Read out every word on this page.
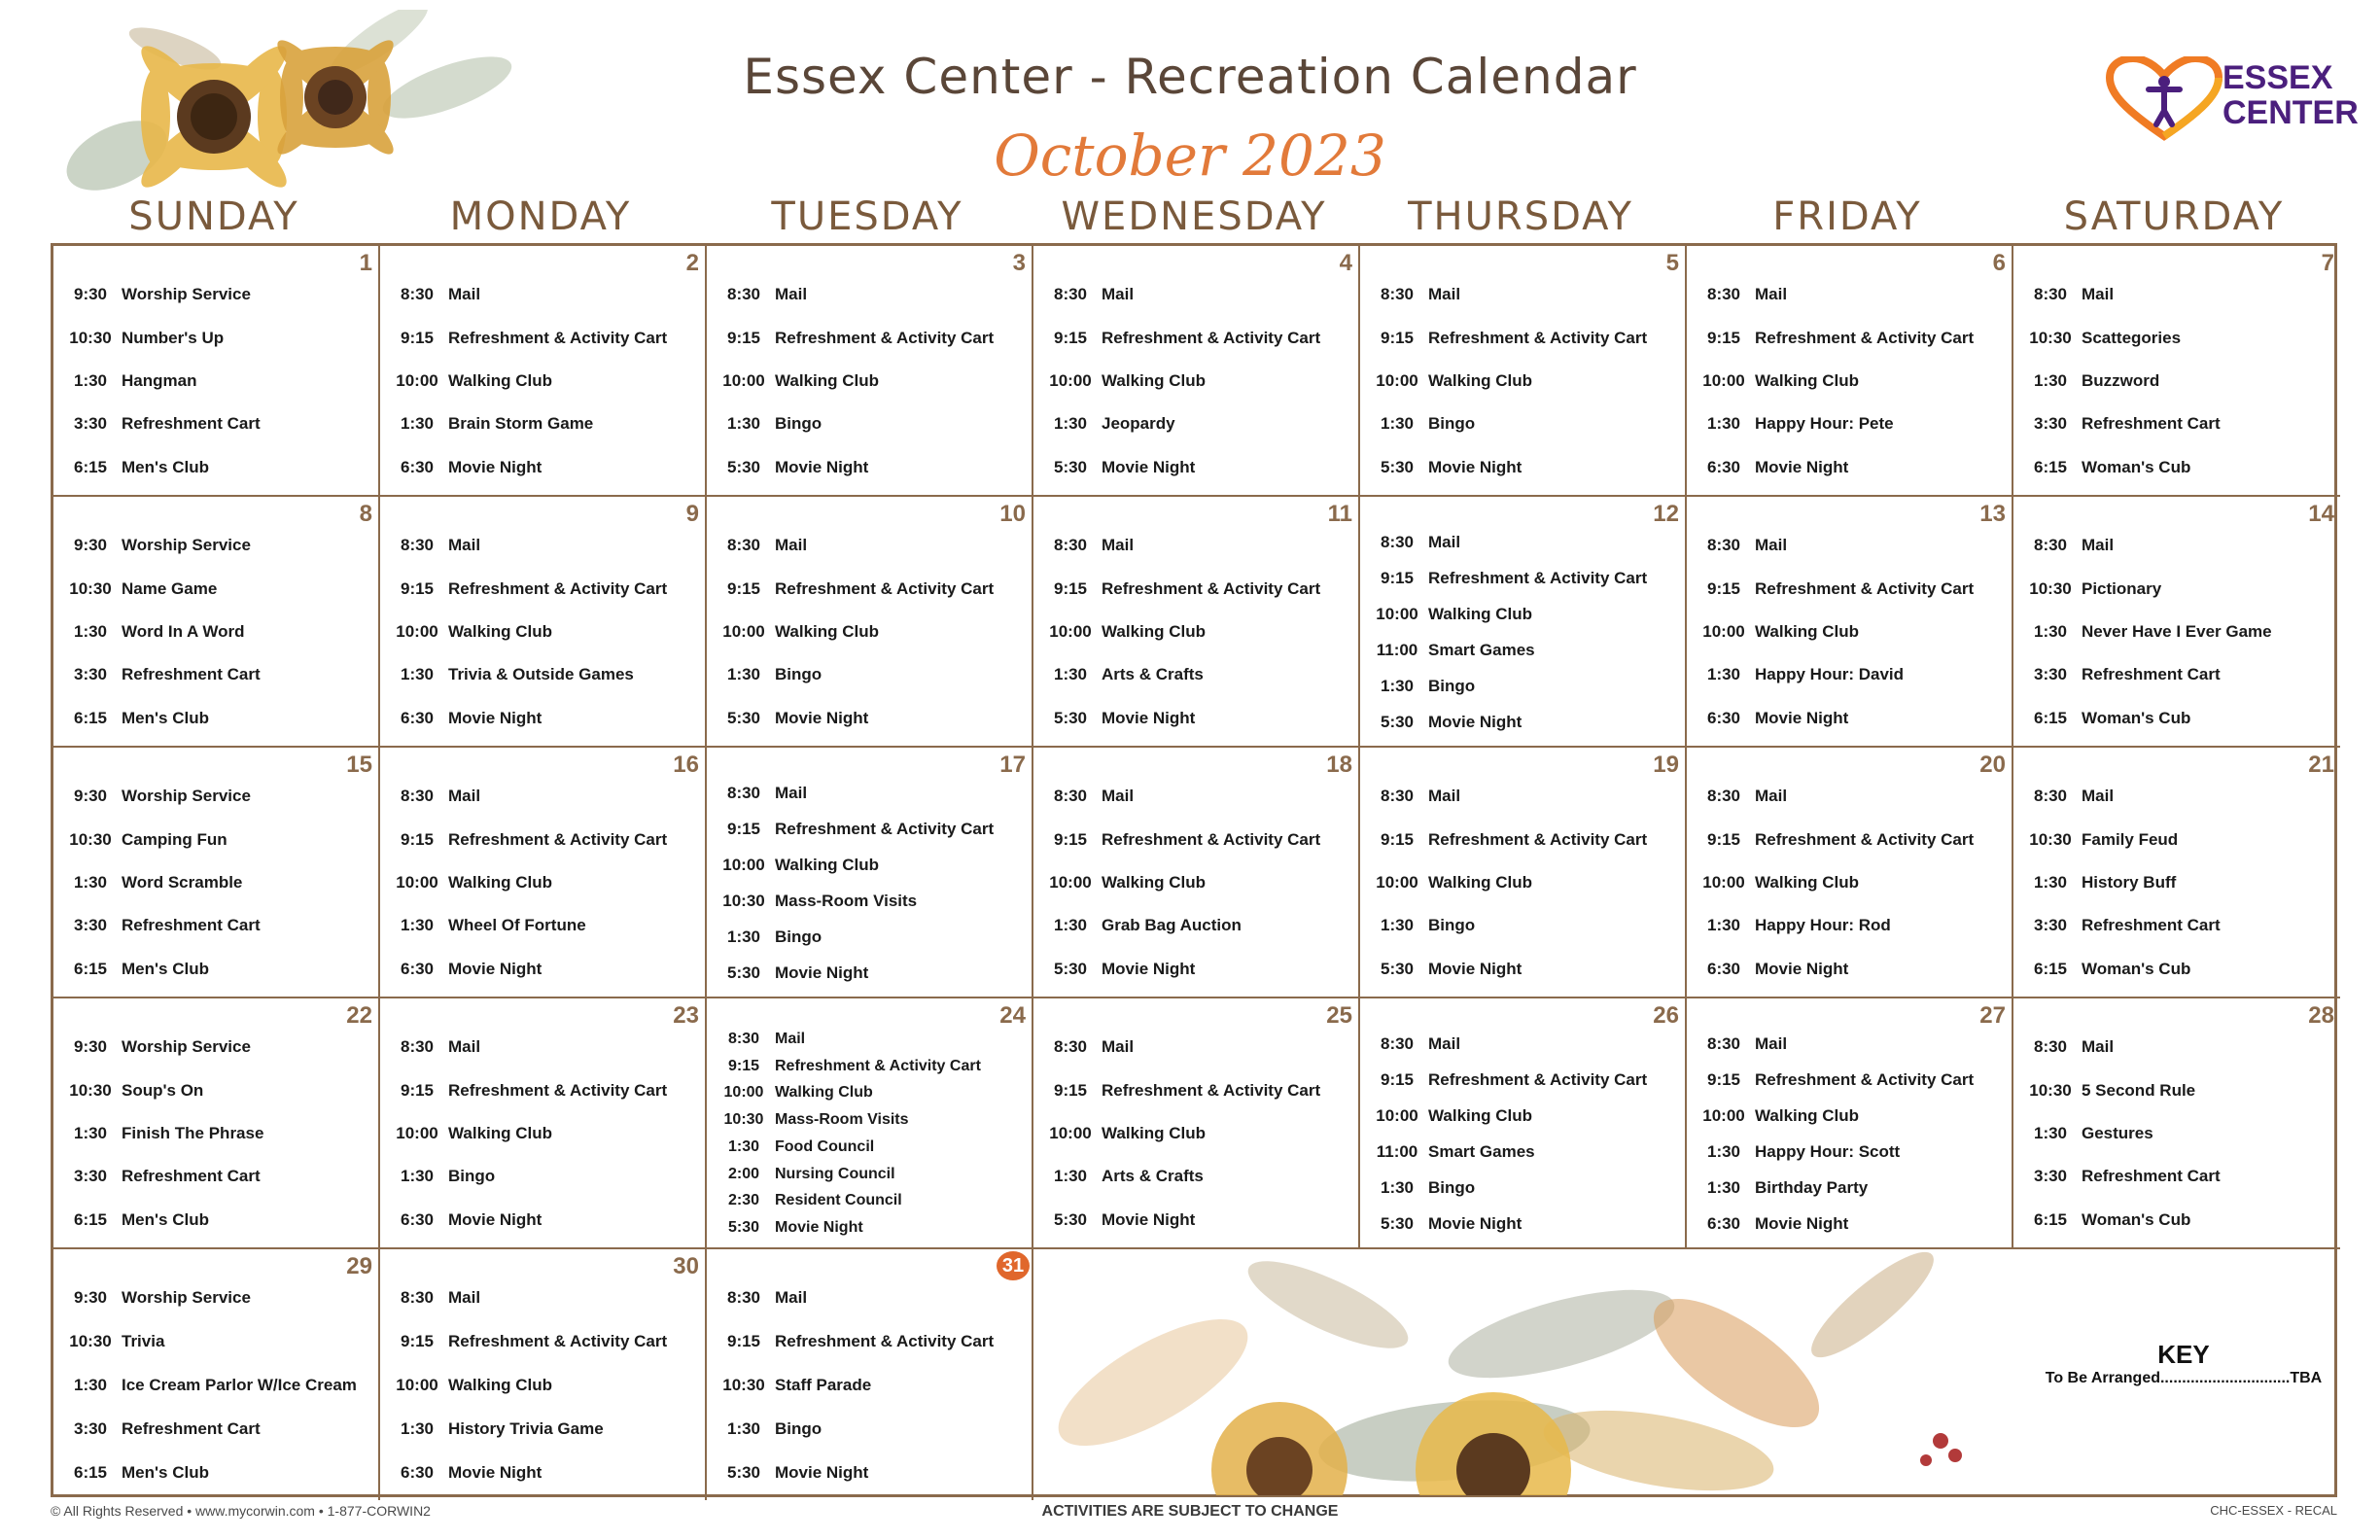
Essex Center - Recreation Calendar
October 2023
ESSEX
CENTER
SUNDAY	MONDAY	TUESDAY	WEDNESDAY	THURSDAY	FRIDAY	SATURDAY
1
9:30 Worship Service
10:30 Number's Up
1:30 Hangman
3:30 Refreshment Cart
6:15 Men's Club
2
8:30 Mail
9:15 Refreshment & Activity Cart
10:00 Walking Club
1:30 Brain Storm Game
6:30 Movie Night
3
8:30 Mail
9:15 Refreshment & Activity Cart
10:00 Walking Club
1:30 Bingo
5:30 Movie Night
4
8:30 Mail
9:15 Refreshment & Activity Cart
10:00 Walking Club
1:30 Jeopardy
5:30 Movie Night
5
8:30 Mail
9:15 Refreshment & Activity Cart
10:00 Walking Club
1:30 Bingo
5:30 Movie Night
6
8:30 Mail
9:15 Refreshment & Activity Cart
10:00 Walking Club
1:30 Happy Hour: Pete
6:30 Movie Night
7
8:30 Mail
10:30 Scattegories
1:30 Buzzword
3:30 Refreshment Cart
6:15 Woman's Cub
8
9:30 Worship Service
10:30 Name Game
1:30 Word In A Word
3:30 Refreshment Cart
6:15 Men's Club
9
8:30 Mail
9:15 Refreshment & Activity Cart
10:00 Walking Club
1:30 Trivia & Outside Games
6:30 Movie Night
10
8:30 Mail
9:15 Refreshment & Activity Cart
10:00 Walking Club
1:30 Bingo
5:30 Movie Night
11
8:30 Mail
9:15 Refreshment & Activity Cart
10:00 Walking Club
1:30 Arts & Crafts
5:30 Movie Night
12
8:30 Mail
9:15 Refreshment & Activity Cart
10:00 Walking Club
11:00 Smart Games
1:30 Bingo
5:30 Movie Night
13
8:30 Mail
9:15 Refreshment & Activity Cart
10:00 Walking Club
1:30 Happy Hour: David
6:30 Movie Night
14
8:30 Mail
10:30 Pictionary
1:30 Never Have I Ever Game
3:30 Refreshment Cart
6:15 Woman's Cub
15
9:30 Worship Service
10:30 Camping Fun
1:30 Word Scramble
3:30 Refreshment Cart
6:15 Men's Club
16
8:30 Mail
9:15 Refreshment & Activity Cart
10:00 Walking Club
1:30 Wheel Of Fortune
6:30 Movie Night
17
8:30 Mail
9:15 Refreshment & Activity Cart
10:00 Walking Club
10:30 Mass-Room Visits
1:30 Bingo
5:30 Movie Night
18
8:30 Mail
9:15 Refreshment & Activity Cart
10:00 Walking Club
1:30 Grab Bag Auction
5:30 Movie Night
19
8:30 Mail
9:15 Refreshment & Activity Cart
10:00 Walking Club
1:30 Bingo
5:30 Movie Night
20
8:30 Mail
9:15 Refreshment & Activity Cart
10:00 Walking Club
1:30 Happy Hour: Rod
6:30 Movie Night
21
8:30 Mail
10:30 Family Feud
1:30 History Buff
3:30 Refreshment Cart
6:15 Woman's Cub
22
9:30 Worship Service
10:30 Soup's On
1:30 Finish The Phrase
3:30 Refreshment Cart
6:15 Men's Club
23
8:30 Mail
9:15 Refreshment & Activity Cart
10:00 Walking Club
1:30 Bingo
6:30 Movie Night
24
8:30 Mail
9:15 Refreshment & Activity Cart
10:00 Walking Club
10:30 Mass-Room Visits
1:30 Food Council
2:00 Nursing Council
2:30 Resident Council
5:30 Movie Night
25
8:30 Mail
9:15 Refreshment & Activity Cart
10:00 Walking Club
1:30 Arts & Crafts
5:30 Movie Night
26
8:30 Mail
9:15 Refreshment & Activity Cart
10:00 Walking Club
11:00 Smart Games
1:30 Bingo
5:30 Movie Night
27
8:30 Mail
9:15 Refreshment & Activity Cart
10:00 Walking Club
1:30 Happy Hour: Scott
1:30 Birthday Party
6:30 Movie Night
28
8:30 Mail
10:30 5 Second Rule
1:30 Gestures
3:30 Refreshment Cart
6:15 Woman's Cub
29
9:30 Worship Service
10:30 Trivia
1:30 Ice Cream Parlor W/Ice Cream
3:30 Refreshment Cart
6:15 Men's Club
30
8:30 Mail
9:15 Refreshment & Activity Cart
10:00 Walking Club
1:30 History Trivia Game
6:30 Movie Night
31
8:30 Mail
9:15 Refreshment & Activity Cart
10:30 Staff Parade
1:30 Bingo
5:30 Movie Night
KEY
To Be Arranged..............................TBA
© All Rights Reserved • www.mycorwin.com • 1-877-CORWIN2	ACTIVITIES ARE SUBJECT TO CHANGE	CHC-ESSEX - RECAL
